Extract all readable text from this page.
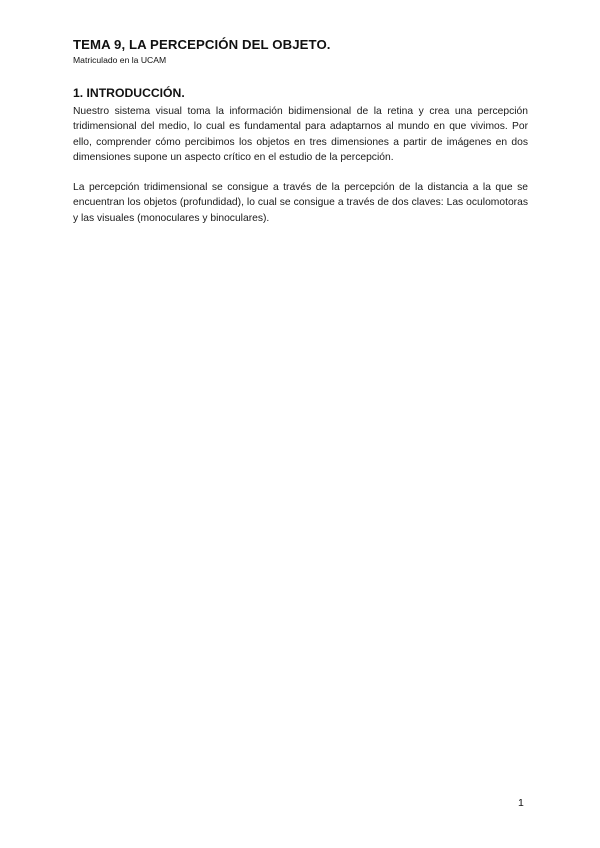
TEMA 9, LA PERCEPCIÓN DEL OBJETO.

Matriculado en la UCAM

1. INTRODUCCIÓN.

Nuestro sistema visual toma la información bidimensional de la retina y crea una percepción tridimensional del medio, lo cual es fundamental para adaptarnos al mundo en que vivimos. Por ello, comprender cómo percibimos los objetos en tres dimensiones a partir de imágenes en dos dimensiones supone un aspecto crítico en el estudio de la percepción.

La percepción tridimensional se consigue a través de la percepción de la distancia a la que se encuentran los objetos (profundidad), lo cual se consigue a través de dos claves: Las oculomotoras y las visuales (monoculares y binoculares).

1
